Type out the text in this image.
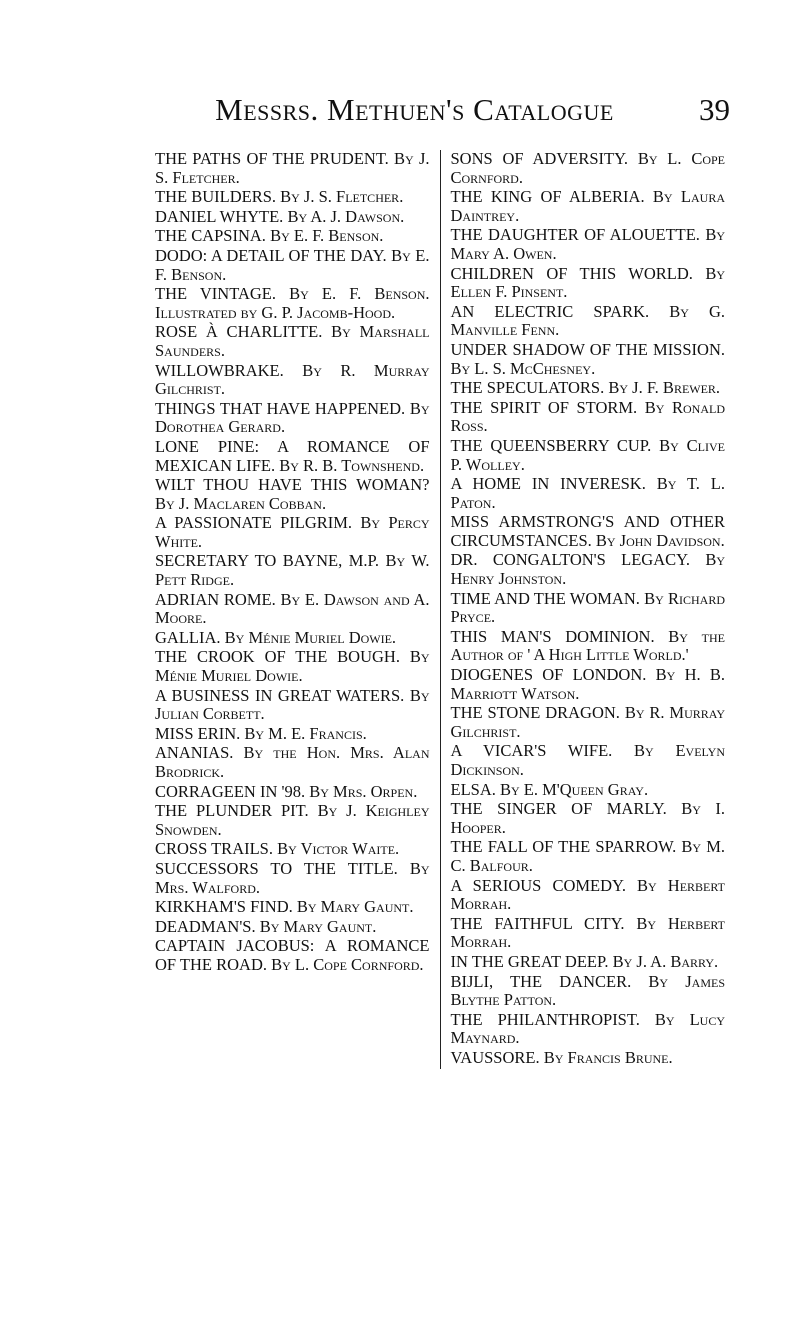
Messrs. Methuen's Catalogue	39
THE PATHS OF THE PRUDENT. By J. S. Fletcher.
THE BUILDERS. By J. S. Fletcher.
DANIEL WHYTE. By A. J. Dawson.
THE CAPSINA. By E. F. Benson.
DODO: A DETAIL OF THE DAY. By E. F. Benson.
THE VINTAGE. By E. F. Benson. Illustrated by G. P. Jacomb-Hood.
ROSE À CHARLITTE. By Marshall Saunders.
WILLOWBRAKE. By R. Murray Gilchrist.
THINGS THAT HAVE HAPPENED. By Dorothea Gerard.
LONE PINE: A ROMANCE OF MEXICAN LIFE. By R. B. Townshend.
WILT THOU HAVE THIS WOMAN? By J. Maclaren Cobban.
A PASSIONATE PILGRIM. By Percy White.
SECRETARY TO BAYNE, M.P. By W. Pett Ridge.
ADRIAN ROME. By E. Dawson and A. Moore.
GALLIA. By Ménie Muriel Dowie.
THE CROOK OF THE BOUGH. By Ménie Muriel Dowie.
A BUSINESS IN GREAT WATERS. By Julian Corbett.
MISS ERIN. By M. E. Francis.
ANANIAS. By the Hon. Mrs. Alan Brodrick.
CORRAGEEN IN '98. By Mrs. Orpen.
THE PLUNDER PIT. By J. Keighley Snowden.
CROSS TRAILS. By Victor Waite.
SUCCESSORS TO THE TITLE. By Mrs. Walford.
KIRKHAM'S FIND. By Mary Gaunt.
DEADMAN'S. By Mary Gaunt.
CAPTAIN JACOBUS: A ROMANCE OF THE ROAD. By L. Cope Cornford.
SONS OF ADVERSITY. By L. Cope Cornford.
THE KING OF ALBERIA. By Laura Daintrey.
THE DAUGHTER OF ALOUETTE. By Mary A. Owen.
CHILDREN OF THIS WORLD. By Ellen F. Pinsent.
AN ELECTRIC SPARK. By G. Manville Fenn.
UNDER SHADOW OF THE MISSION. By L. S. McChesney.
THE SPECULATORS. By J. F. Brewer.
THE SPIRIT OF STORM. By Ronald Ross.
THE QUEENSBERRY CUP. By Clive P. Wolley.
A HOME IN INVERESK. By T. L. Paton.
MISS ARMSTRONG'S AND OTHER CIRCUMSTANCES. By John Davidson.
DR. CONGALTON'S LEGACY. By Henry Johnston.
TIME AND THE WOMAN. By Richard Pryce.
THIS MAN'S DOMINION. By the Author of ' A High Little World.'
DIOGENES OF LONDON. By H. B. Marriott Watson.
THE STONE DRAGON. By R. Murray Gilchrist.
A VICAR'S WIFE. By Evelyn Dickinson.
ELSA. By E. M'Queen Gray.
THE SINGER OF MARLY. By I. Hooper.
THE FALL OF THE SPARROW. By M. C. Balfour.
A SERIOUS COMEDY. By Herbert Morrah.
THE FAITHFUL CITY. By Herbert Morrah.
IN THE GREAT DEEP. By J. A. Barry.
BIJLI, THE DANCER. By James Blythe Patton.
THE PHILANTHROPIST. By Lucy Maynard.
VAUSSORE. By Francis Brune.
